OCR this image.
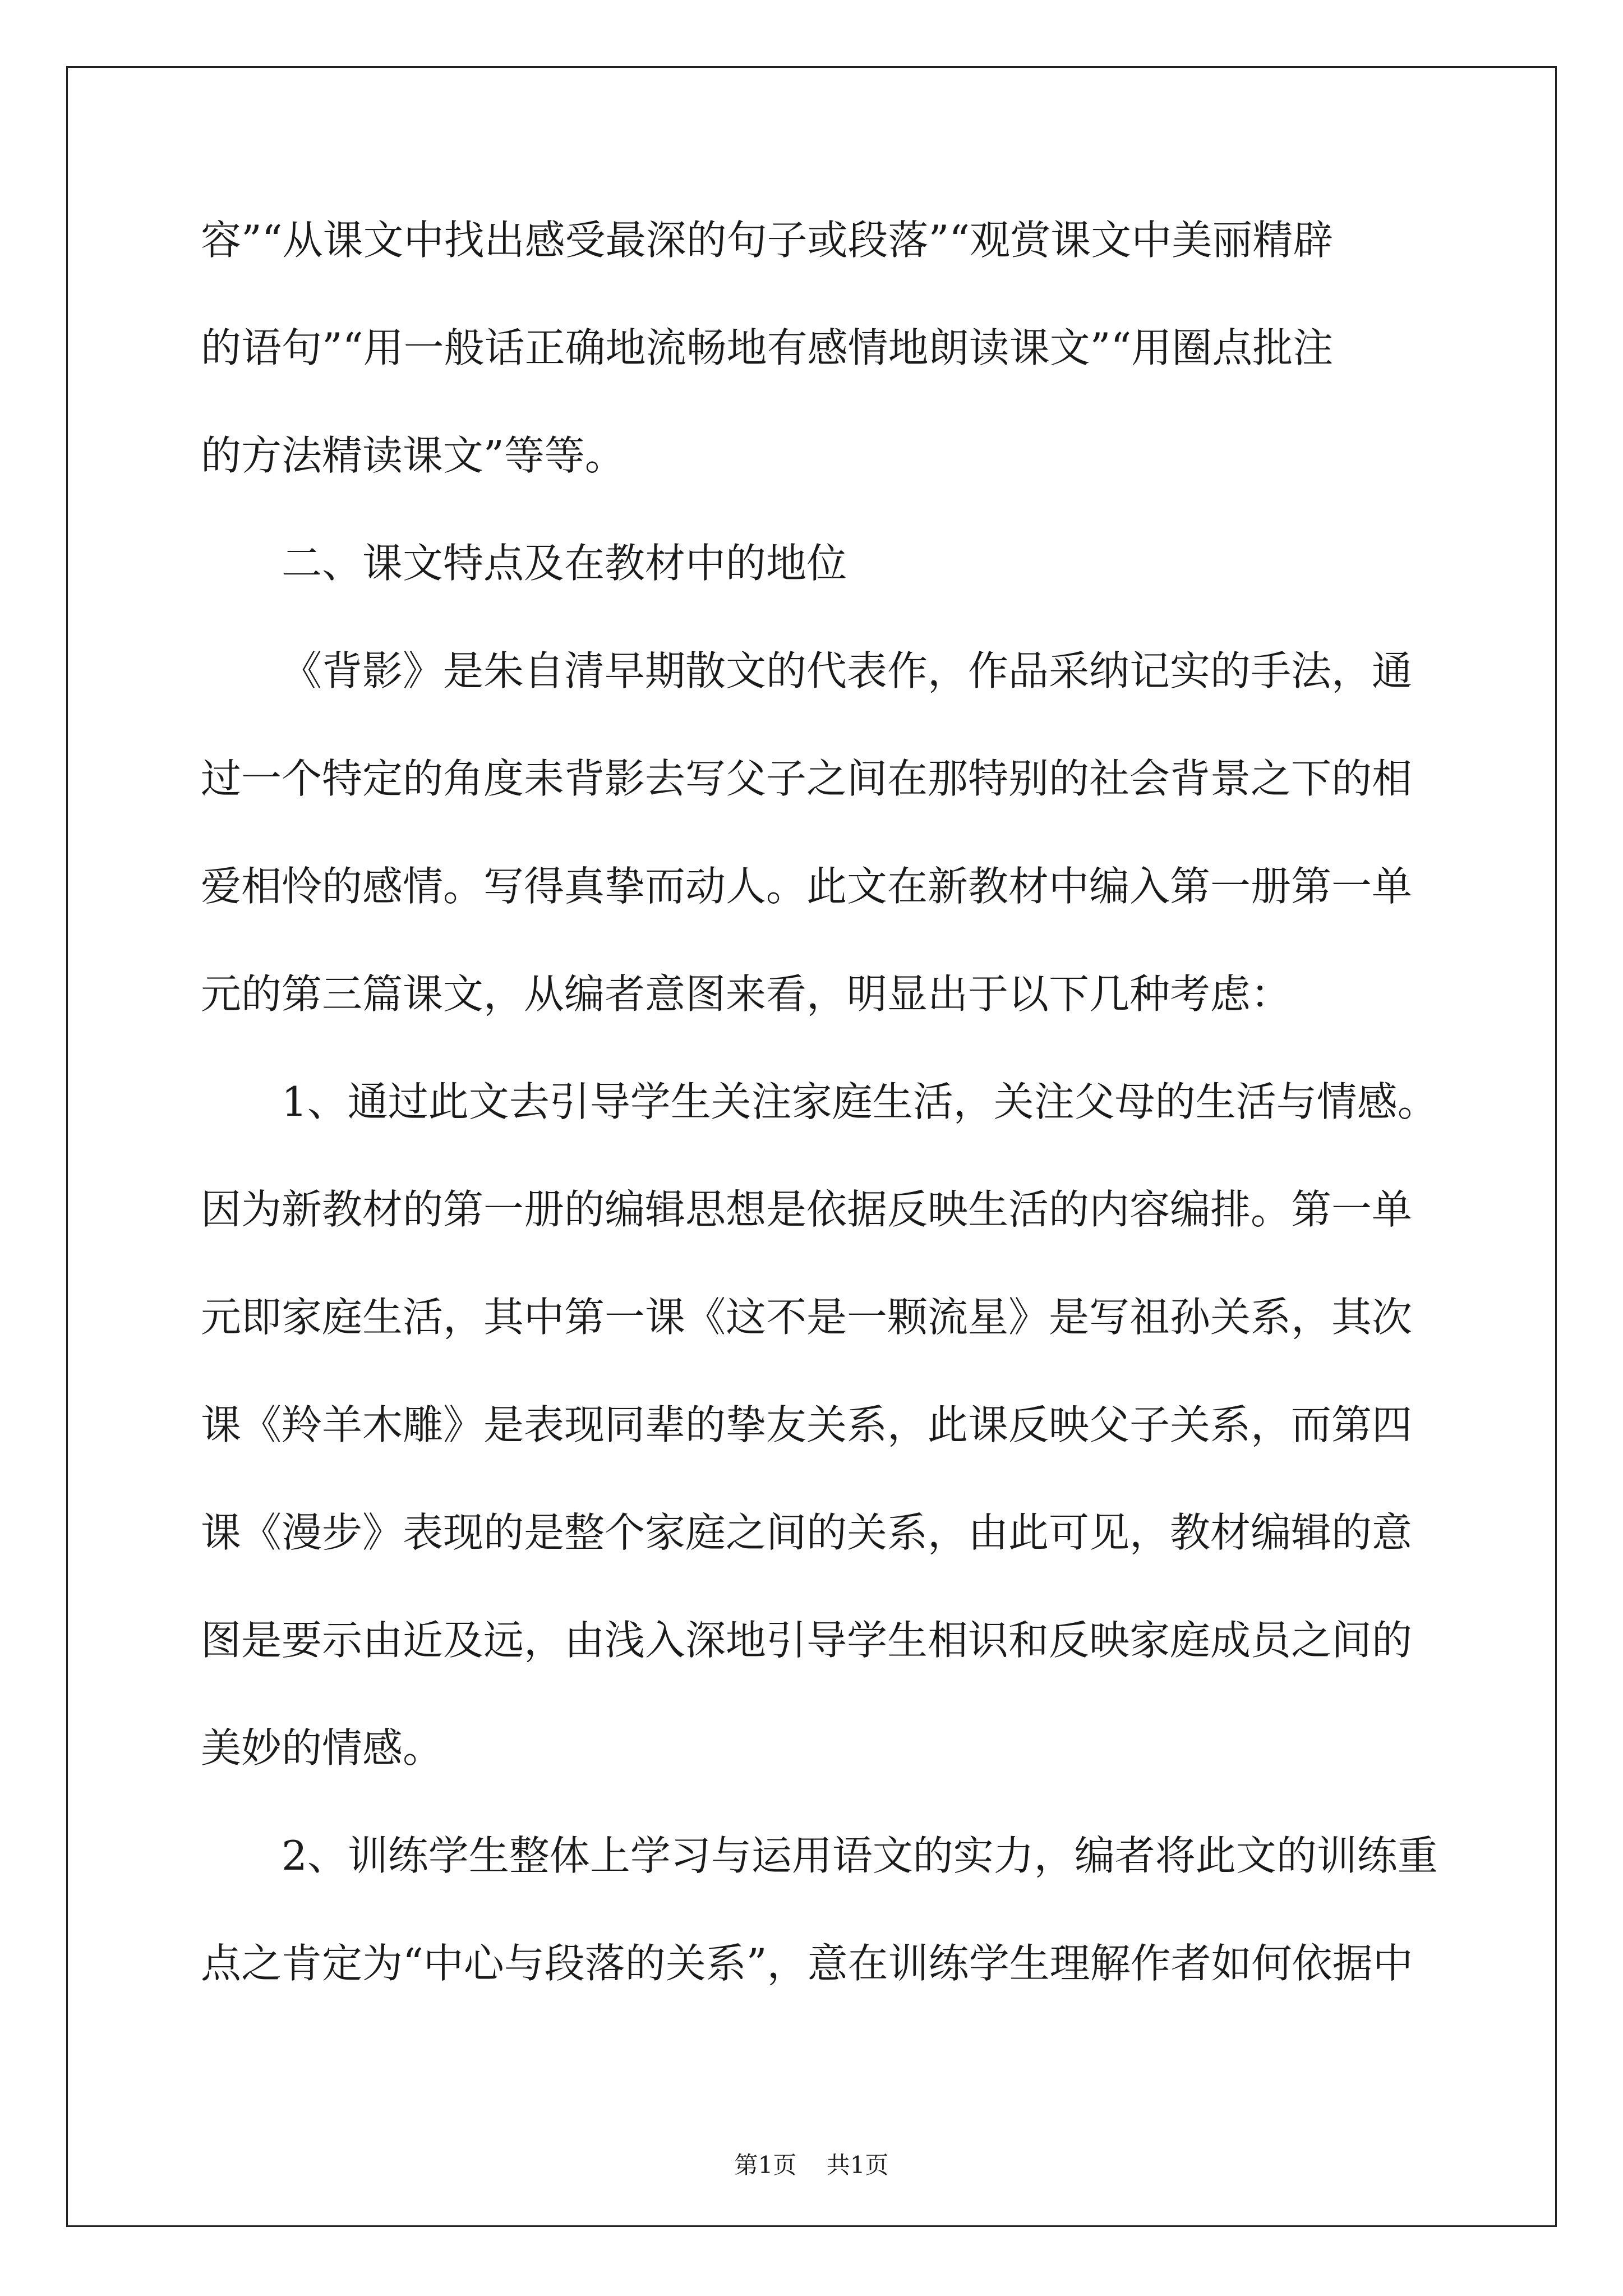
容”“从课文中找出感受最深的句子或段落”“观赏课文中美丽精辟
的语句”“用一般话正确地流畅地有感情地朗读课文”“用圈点批注
的方法精读课文”等等。
二、课文特点及在教材中的地位
《背影》是朱自清早期散文的代表作，作品采纳记实的手法，通
过一个特定的角度耒背影去写父子之间在那特别的社会背景之下的相
爱相怜的感情。写得真挚而动人。此文在新教材中编入第一册第一单
元的第三篇课文，从编者意图来看，明显出于以下几种考虑：
1、通过此文去引导学生关注家庭生活，关注父母的生活与情感。
因为新教材的第一册的编辑思想是依据反映生活的内容编排。第一单
元即家庭生活，其中第一课《这不是一颗流星》是写祖孙关系，其次
课《羚羊木雕》是表现同辈的挚友关系，此课反映父子关系，而第四
课《漫步》表现的是整个家庭之间的关系，由此可见，教材编辑的意
图是要示由近及远，由浅入深地引导学生相识和反映家庭成员之间的
美妙的情感。
2、训练学生整体上学习与运用语文的实力，编者将此文的训练重
点之肯定为“中心与段落的关系”，意在训练学生理解作者如何依据中
第1页 共1页
